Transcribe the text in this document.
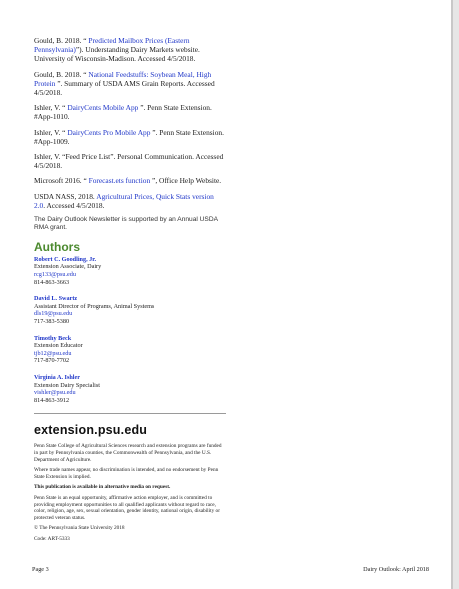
Gould, B. 2018. “ Predicted Mailbox Prices (Eastern Pennsylvania)”). Understanding Dairy Markets website. University of Wisconsin-Madison. Accessed 4/5/2018.

Gould, B. 2018. “ National Feedstuffs: Soybean Meal, High Protein ”. Summary of USDA AMS Grain Reports. Accessed 4/5/2018.

Ishler, V. “ DairyCents Mobile App ”. Penn State Extension. #App-1010.

Ishler, V. “ DairyCents Pro Mobile App ”. Penn State Extension. #App-1009.

Ishler, V. “Feed Price List”. Personal Communication. Accessed 4/5/2018.

Microsoft 2016. “ Forecast.ets function ”, Office Help Website.

USDA NASS, 2018. Agricultural Prices, Quick Stats version 2.0. Accessed 4/5/2018.

The Dairy Outlook Newsletter is supported by an Annual USDA RMA grant.

Authors
Robert C. Goodling, Jr.
Extension Associate, Dairy
rcg133@psu.edu
814-863-3663
David L. Swartz
Assistant Director of Programs, Animal Systems
dls19@psu.edu
717-383-5380
Timothy Beck
Extension Educator
tjb12@psu.edu
717-870-7702
Virginia A. Ishler
Extension Dairy Specialist
vishler@psu.edu
814-863-3912
extension.psu.edu

Penn State College of Agricultural Sciences research and extension programs are funded in part by Pennsylvania counties, the Commonwealth of Pennsylvania, and the U.S. Department of Agriculture.

Where trade names appear, no discrimination is intended, and no endorsement by Penn State Extension is implied.

This publication is available in alternative media on request.

Penn State is an equal opportunity, affirmative action employer, and is committed to providing employment opportunities to all qualified applicants without regard to race, color, religion, age, sex, sexual orientation, gender identity, national origin, disability or protected veteran status.

© The Pennsylvania State University 2018

Code: ART-5333

Page 3	Dairy Outlook: April 2018
